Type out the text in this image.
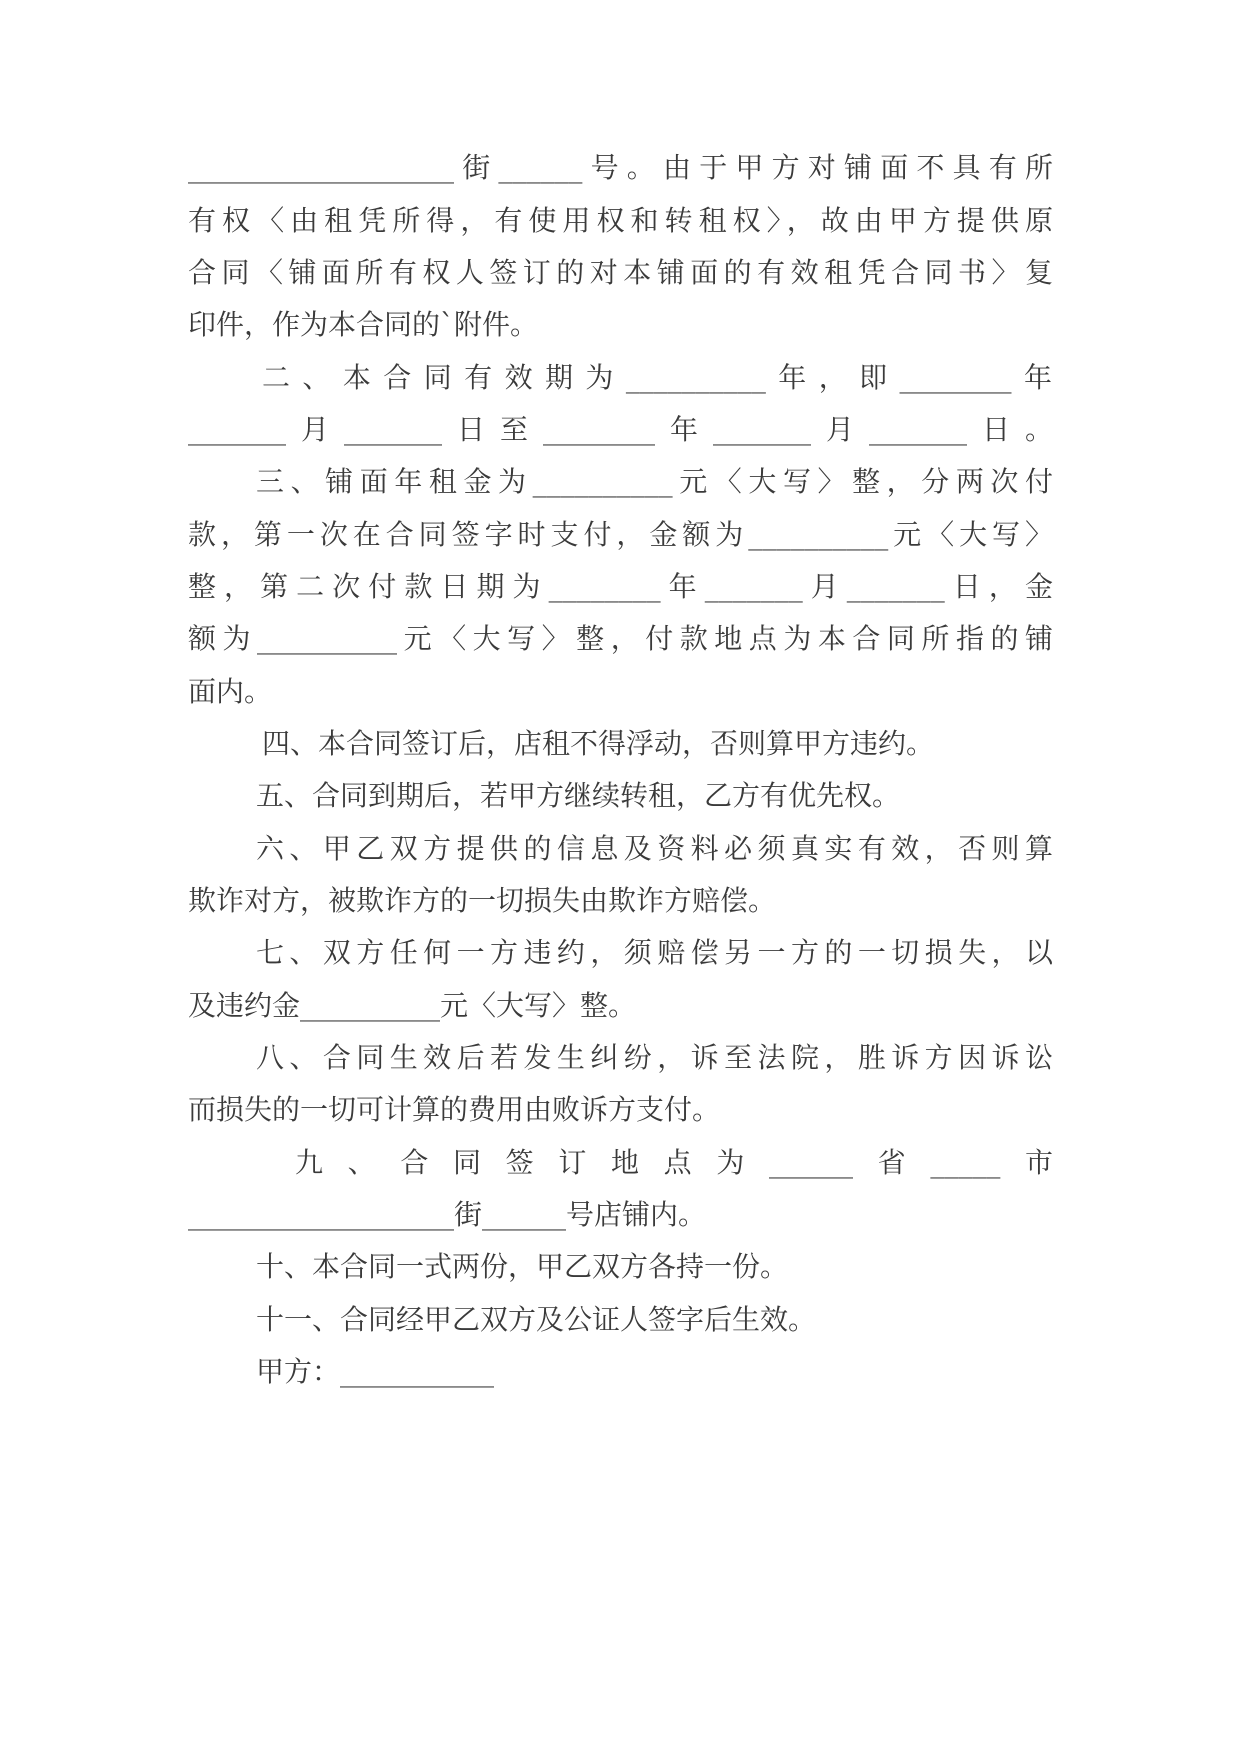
___________________街______号。由于甲方对铺面不具有所
有权〈由租凭所得，有使用权和转租权〉，故由甲方提供原
合同〈铺面所有权人签订的对本铺面的有效租凭合同书〉复
印件，作为本合同的`附件。
二、本合同有效期为__________年，即________年
_______月_______日至________年_______月_______日。
三、铺面年租金为__________元〈大写〉整，分两次付
款，第一次在合同签字时支付，金额为__________元〈大写〉
整，第二次付款日期为________年_______月_______日，金
额为__________元〈大写〉整，付款地点为本合同所指的铺
面内。
四、本合同签订后，店租不得浮动，否则算甲方违约。
五、合同到期后，若甲方继续转租，乙方有优先权。
六、甲乙双方提供的信息及资料必须真实有效，否则算
欺诈对方，被欺诈方的一切损失由欺诈方赔偿。
七、双方任何一方违约，须赔偿另一方的一切损失，以
及违约金__________元〈大写〉整。
八、合同生效后若发生纠纷，诉至法院，胜诉方因诉讼
而损失的一切可计算的费用由败诉方支付。
九、合同签订地点为______省_____市
___________________街______号店铺内。
十、本合同一式两份，甲乙双方各持一份。
十一、合同经甲乙双方及公证人签字后生效。
甲方：___________
